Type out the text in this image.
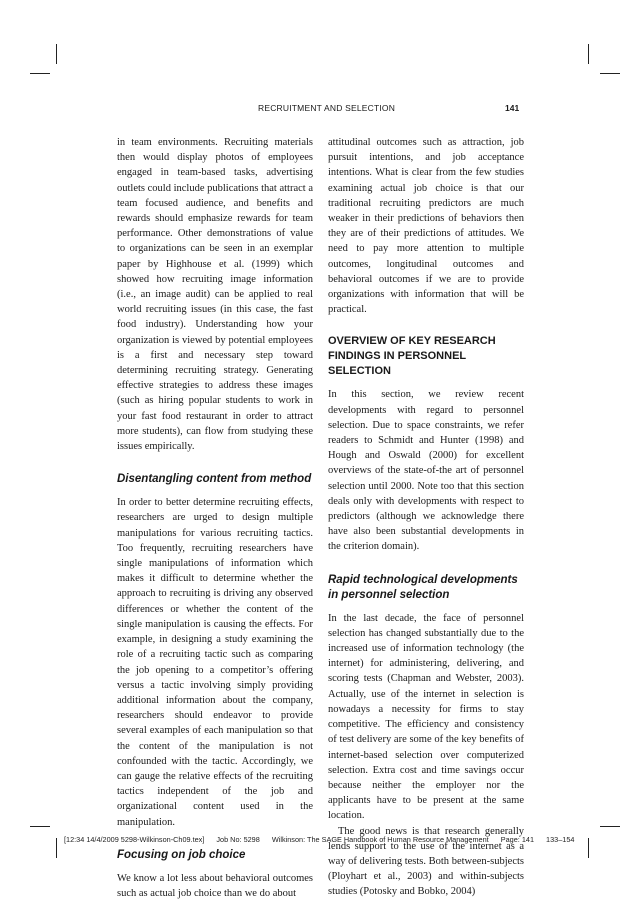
RECRUITMENT AND SELECTION	141

in team environments. Recruiting materials then would display photos of employees engaged in team-based tasks, advertising outlets could include publications that attract a team focused audience, and benefits and rewards should emphasize rewards for team performance. Other demonstrations of value to organizations can be seen in an exemplar paper by Highhouse et al. (1999) which showed how recruiting image information (i.e., an image audit) can be applied to real world recruiting issues (in this case, the fast food industry). Understanding how your organization is viewed by potential employees is a first and necessary step toward determining recruiting strategy. Generating effective strategies to address these images (such as hiring popular students to work in your fast food restaurant in order to attract more students), can flow from studying these issues empirically.

Disentangling content from method

In order to better determine recruiting effects, researchers are urged to design multiple manipulations for various recruiting tactics. Too frequently, recruiting researchers have single manipulations of information which makes it difficult to determine whether the approach to recruiting is driving any observed differences or whether the content of the single manipulation is causing the effects. For example, in designing a study examining the role of a recruiting tactic such as comparing the job opening to a competitor’s offering versus a tactic involving simply providing additional information about the company, researchers should endeavor to provide several examples of each manipulation so that the content of the manipulation is not confounded with the tactic. Accordingly, we can gauge the relative effects of the recruiting tactics independent of the job and organizational content used in the manipulation.

Focusing on job choice

We know a lot less about behavioral outcomes such as actual job choice than we do about

attitudinal outcomes such as attraction, job pursuit intentions, and job acceptance intentions. What is clear from the few studies examining actual job choice is that our traditional recruiting predictors are much weaker in their predictions of behaviors then they are of their predictions of attitudes. We need to pay more attention to multiple outcomes, longitudinal outcomes and behavioral outcomes if we are to provide organizations with information that will be practical.

OVERVIEW OF KEY RESEARCH FINDINGS IN PERSONNEL SELECTION

In this section, we review recent developments with regard to personnel selection. Due to space constraints, we refer readers to Schmidt and Hunter (1998) and Hough and Oswald (2000) for excellent overviews of the state-of-the art of personnel selection until 2000. Note too that this section deals only with developments with respect to predictors (although we acknowledge there have also been substantial developments in the criterion domain).

Rapid technological developments in personnel selection

In the last decade, the face of personnel selection has changed substantially due to the increased use of information technology (the internet) for administering, delivering, and scoring tests (Chapman and Webster, 2003). Actually, use of the internet in selection is nowadays a necessity for firms to stay competitive. The efficiency and consistency of test delivery are some of the key benefits of internet-based selection over computerized selection. Extra cost and time savings occur because neither the employer nor the applicants have to be present at the same location.

The good news is that research generally lends support to the use of the internet as a way of delivering tests. Both between-subjects (Ployhart et al., 2003) and within-subjects studies (Potosky and Bobko, 2004)

[12:34 14/4/2009 5298-Wilkinson-Ch09.tex] Job No: 5298 Wilkinson: The SAGE Handbook of Human Resource Management Page: 141 133–154
